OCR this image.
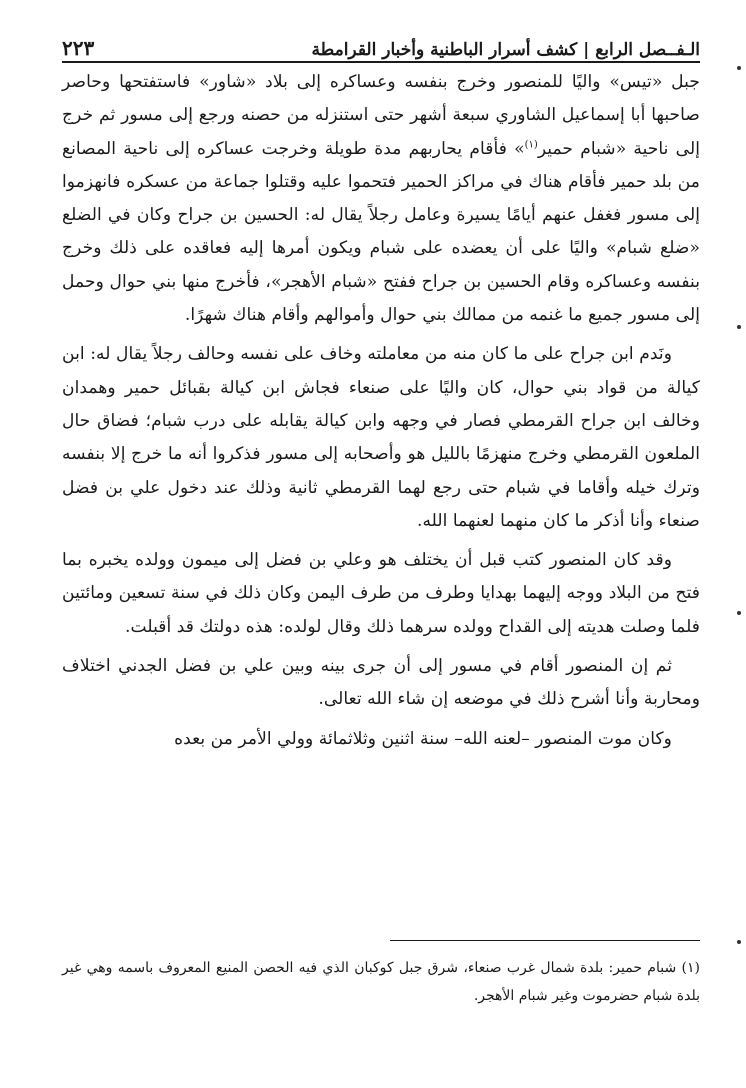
الـفــصل الرابع | كشف أسرار الباطنية وأخبار القرامطة
٢٢٣

جبل «تيس» واليًا للمنصور وخرج بنفسه وعساكره إلى بلاد «شاور» فاستفتحها وحاصر صاحبها أبا إسماعيل الشاوري سبعة أشهر حتى استنزله من حصنه ورجع إلى مسور ثم خرج إلى ناحية «شبام حمير$^{(١)}$» فأقام يحاربهم مدة طويلة وخرجت عساكره إلى ناحية المصانع من بلد حمير فأقام هناك في مراكز الحمير فتحموا عليه وقتلوا جماعة من عسكره فانهزموا إلى مسور فغفل عنهم أيامًا يسيرة وعامل رجلاً يقال له: الحسين بن جراح وكان في الضلع «ضلع شبام» واليًا على أن يعضده على شبام ويكون أمرها إليه فعاقده على ذلك وخرج بنفسه وعساكره وقام الحسين بن جراح ففتح «شبام الأهجر»، فأخرج منها بني حوال وحمل إلى مسور جميع ما غنمه من ممالك بني حوال وأموالهم وأقام هناك شهرًا.

ونَدم ابن جراح على ما كان منه من معاملته وخاف على نفسه وحالف رجلاً يقال له: ابن كيالة من قواد بني حوال، كان واليًا على صنعاء فجاش ابن كيالة بقبائل حمير وهمدان وخالف ابن جراح القرمطي فصار في وجهه وابن كيالة يقابله على درب شبام؛ فضاق حال الملعون القرمطي وخرج منهزمًا بالليل هو وأصحابه إلى مسور فذكروا أنه ما خرج إلا بنفسه وترك خيله وأقاما في شبام حتى رجع لهما القرمطي ثانية وذلك عند دخول علي بن فضل صنعاء وأنا أذكر ما كان منهما لعنهما الله.

وقد كان المنصور كتب قبل أن يختلف هو وعلي بن فضل إلى ميمون وولده يخبره بما فتح من البلاد ووجه إليهما بهدايا وطرف من طرف اليمن وكان ذلك في سنة تسعين ومائتين فلما وصلت هديته إلى القداح وولده سرهما ذلك وقال لولده: هذه دولتك قد أقبلت.

ثم إن المنصور أقام في مسور إلى أن جرى بينه وبين علي بن فضل الجدني اختلاف ومحاربة وأنا أشرح ذلك في موضعه إن شاء الله تعالى.

وكان موت المنصور –لعنه الله– سنة اثنين وثلاثمائة وولي الأمر من بعده

(١) شبام حمير: بلدة شمال غرب صنعاء، شرق جبل كوكبان الذي فيه الحصن المنيع المعروف باسمه وهي غير بلدة شبام حضرموت وغير شبام الأهجر.
